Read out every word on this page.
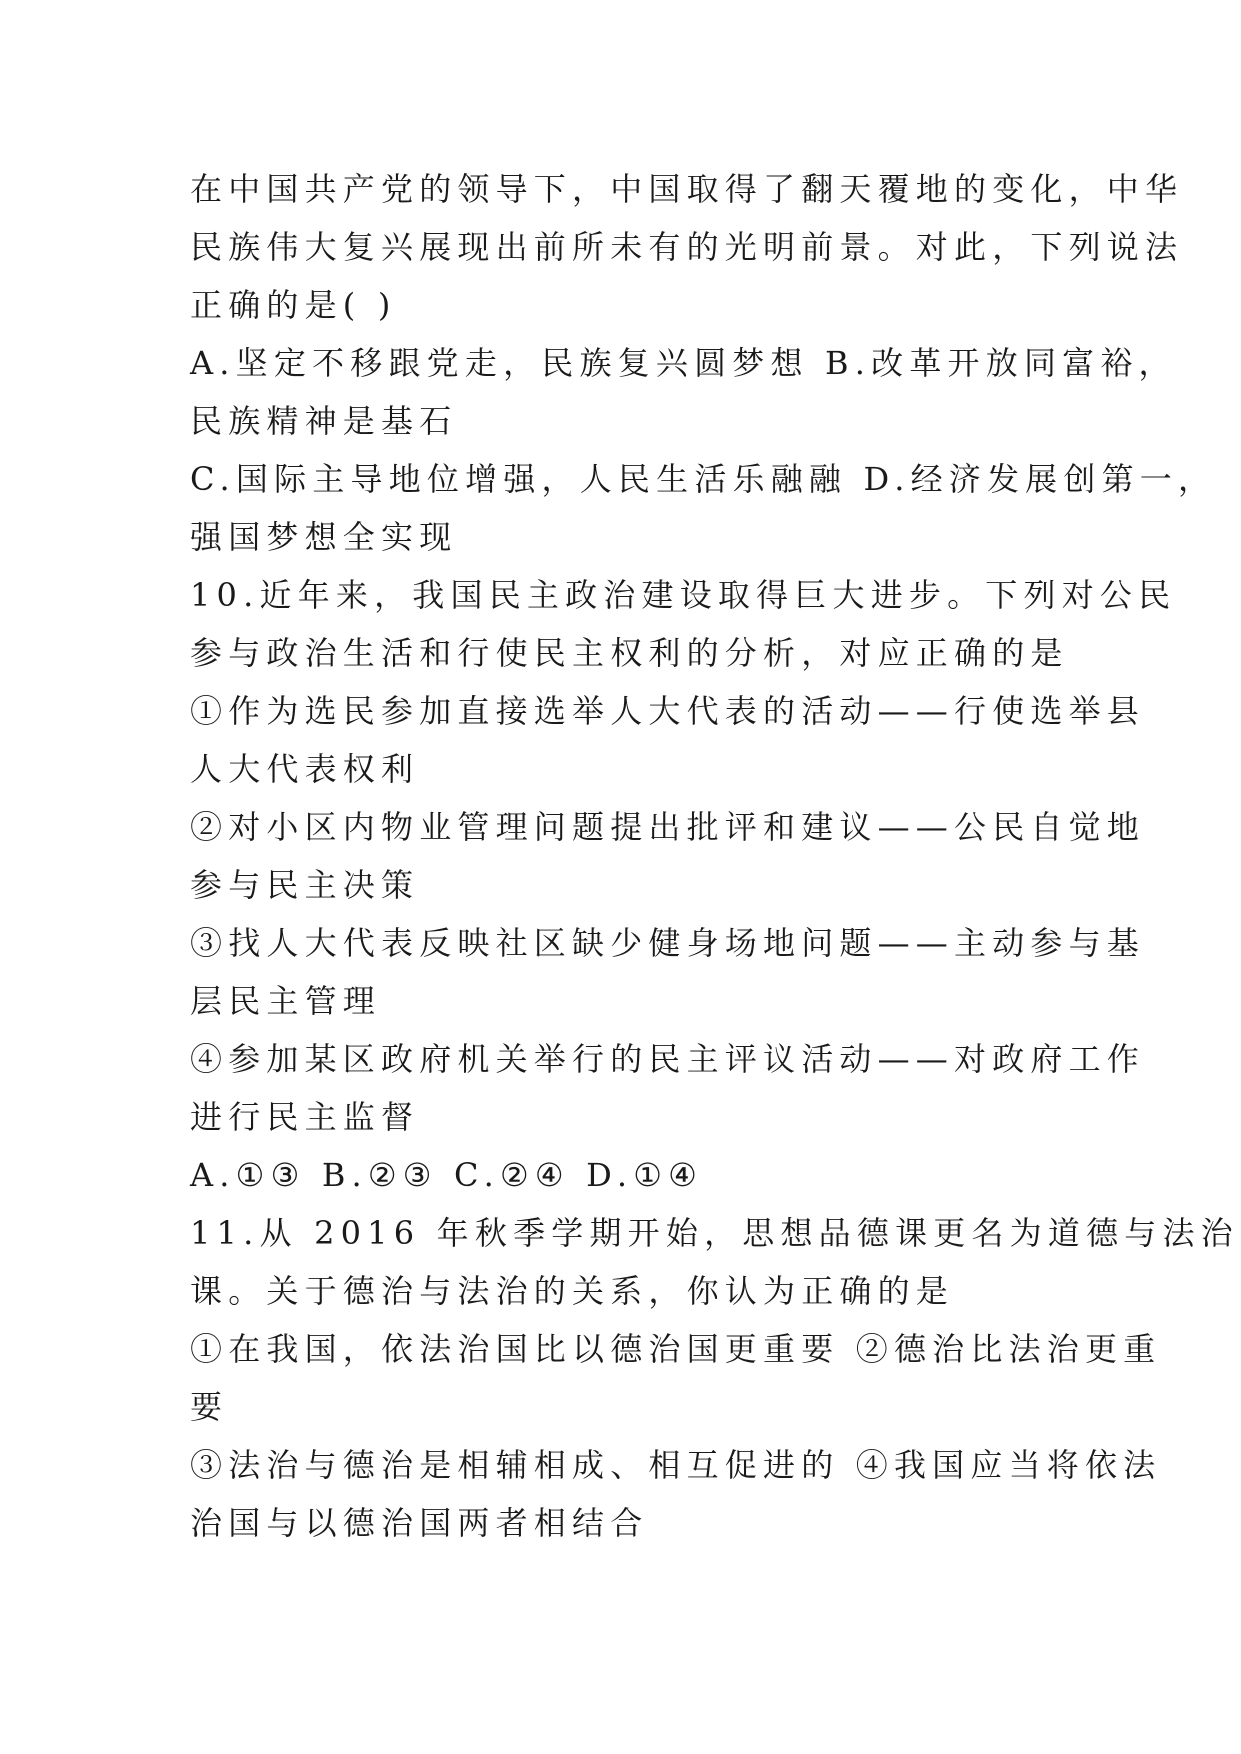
在中国共产党的领导下，中国取得了翻天覆地的变化，中华
民族伟大复兴展现出前所未有的光明前景。对此，下列说法
正确的是( )
A.坚定不移跟党走，民族复兴圆梦想 B.改革开放同富裕，
民族精神是基石
C.国际主导地位增强，人民生活乐融融 D.经济发展创第一，
强国梦想全实现
10.近年来，我国民主政治建设取得巨大进步。下列对公民
参与政治生活和行使民主权利的分析，对应正确的是
①作为选民参加直接选举人大代表的活动——行使选举县
人大代表权利
②对小区内物业管理问题提出批评和建议——公民自觉地
参与民主决策
③找人大代表反映社区缺少健身场地问题——主动参与基
层民主管理
④参加某区政府机关举行的民主评议活动——对政府工作
进行民主监督
A.①③ B.②③ C.②④ D.①④
11.从 2016 年秋季学期开始，思想品德课更名为道德与法治
课。关于德治与法治的关系，你认为正确的是
①在我国，依法治国比以德治国更重要 ②德治比法治更重
要
③法治与德治是相辅相成、相互促进的 ④我国应当将依法
治国与以德治国两者相结合
